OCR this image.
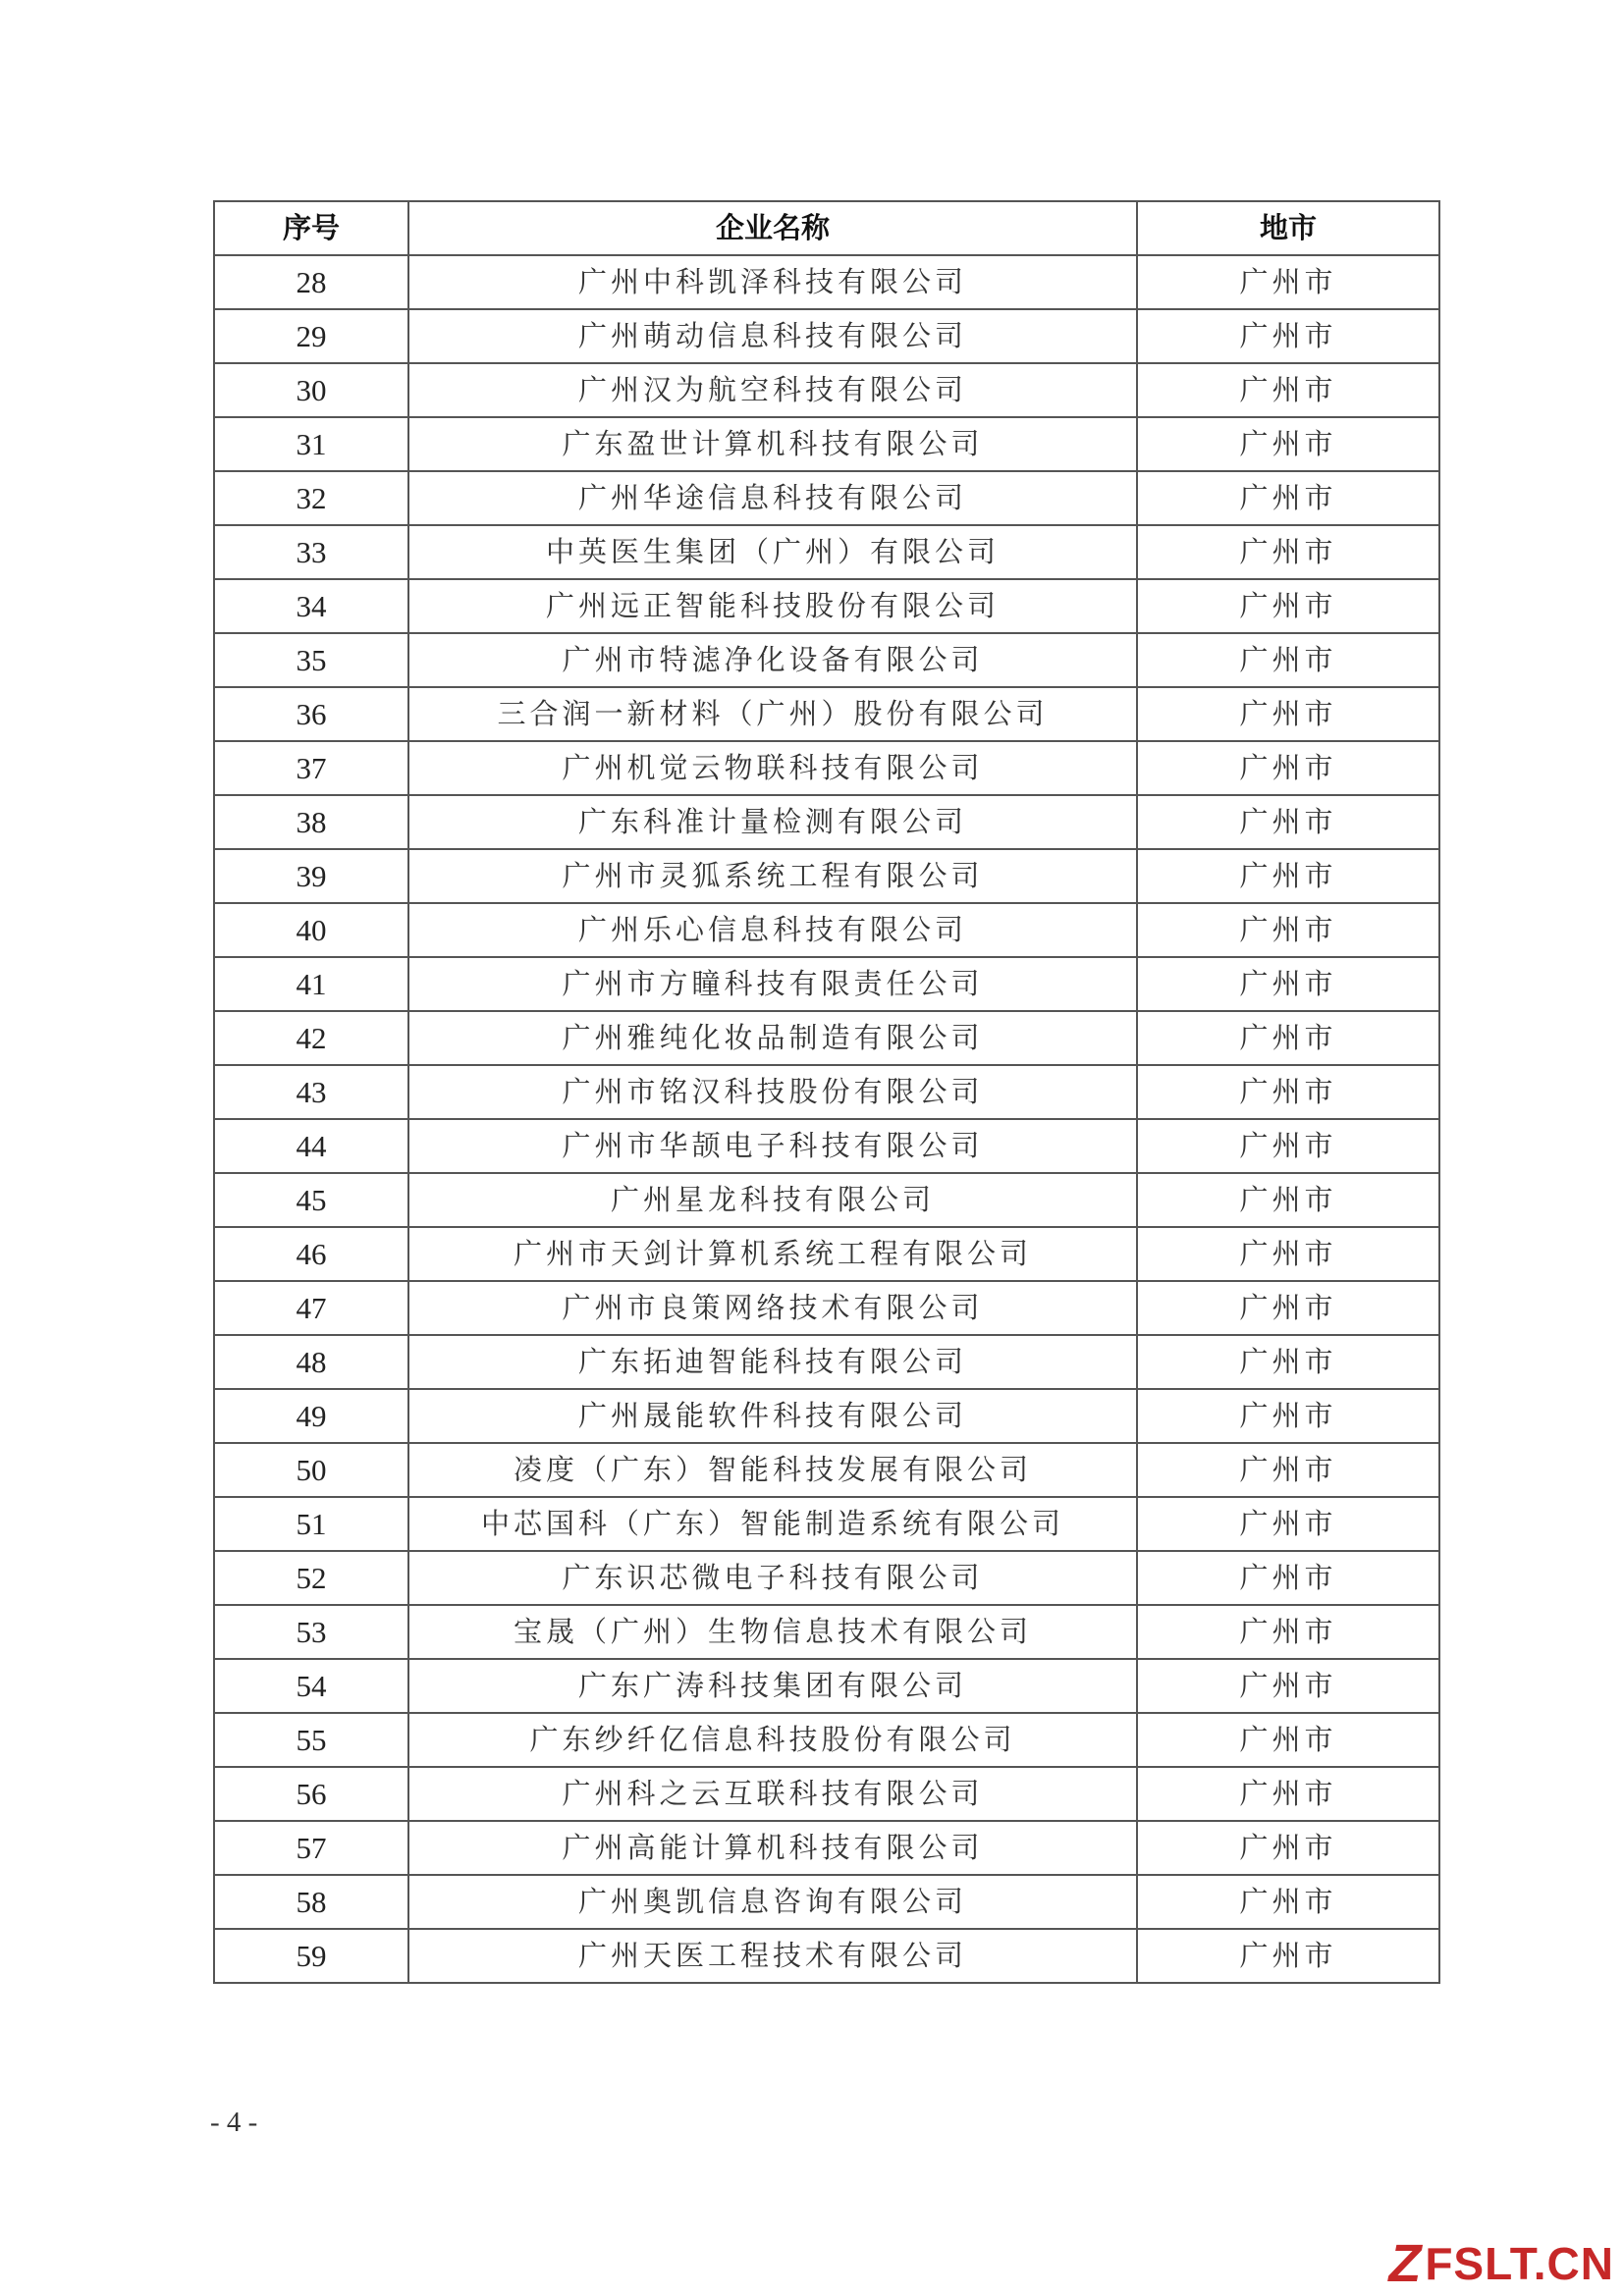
序号	企业名称	地市
28	广州中科凯泽科技有限公司	广州市
29	广州萌动信息科技有限公司	广州市
30	广州汉为航空科技有限公司	广州市
31	广东盈世计算机科技有限公司	广州市
32	广州华途信息科技有限公司	广州市
33	中英医生集团（广州）有限公司	广州市
34	广州远正智能科技股份有限公司	广州市
35	广州市特滤净化设备有限公司	广州市
36	三合润一新材料（广州）股份有限公司	广州市
37	广州机觉云物联科技有限公司	广州市
38	广东科准计量检测有限公司	广州市
39	广州市灵狐系统工程有限公司	广州市
40	广州乐心信息科技有限公司	广州市
41	广州市方瞳科技有限责任公司	广州市
42	广州雅纯化妆品制造有限公司	广州市
43	广州市铭汉科技股份有限公司	广州市
44	广州市华颉电子科技有限公司	广州市
45	广州星龙科技有限公司	广州市
46	广州市天剑计算机系统工程有限公司	广州市
47	广州市良策网络技术有限公司	广州市
48	广东拓迪智能科技有限公司	广州市
49	广州晟能软件科技有限公司	广州市
50	凌度（广东）智能科技发展有限公司	广州市
51	中芯国科（广东）智能制造系统有限公司	广州市
52	广东识芯微电子科技有限公司	广州市
53	宝晟（广州）生物信息技术有限公司	广州市
54	广东广涛科技集团有限公司	广州市
55	广东纱纤亿信息科技股份有限公司	广州市
56	广州科之云互联科技有限公司	广州市
57	广州高能计算机科技有限公司	广州市
58	广州奥凯信息咨询有限公司	广州市
59	广州天医工程技术有限公司	广州市
- 4 -
Z FSLT.CN
